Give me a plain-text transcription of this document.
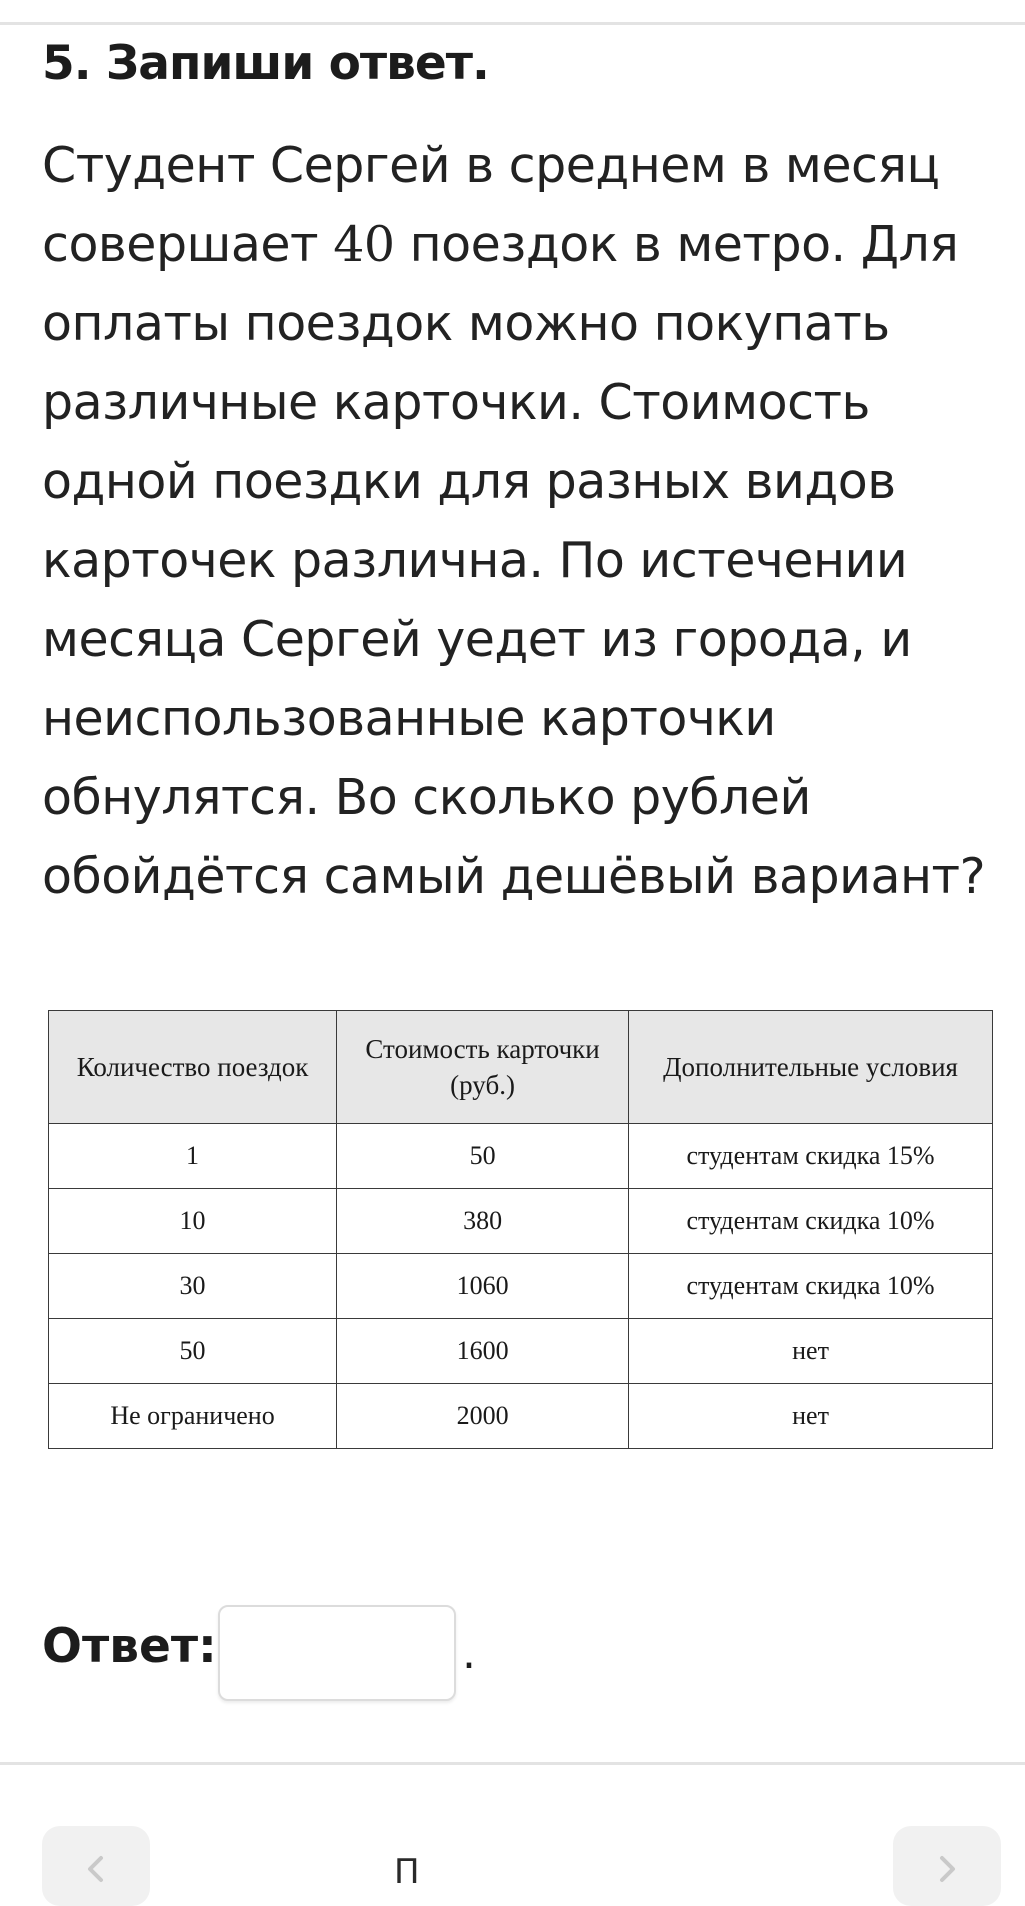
5. Запиши ответ.

Студент Сергей в среднем в месяц совершает 40 поездок в метро. Для оплаты поездок можно покупать различные карточки. Стоимость одной поездки для разных видов карточек различна. По истечении месяца Сергей уедет из города, и неиспользованные карточки обнулятся. Во сколько рублей обойдётся самый дешёвый вариант?

Количество поездок	Стоимость карточки (руб.)	Дополнительные условия
1	50	студентам скидка 15%
10	380	студентам скидка 10%
30	1060	студентам скидка 10%
50	1600	нет
Не ограничено	2000	нет
Ответ:	.
П
